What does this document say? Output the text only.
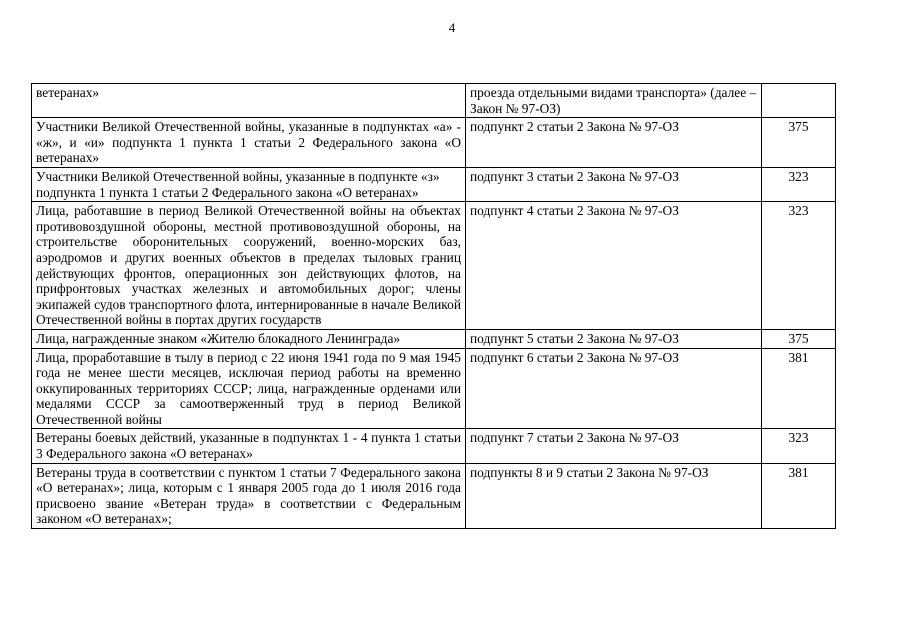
4
ветеранах»	проезда отдельными видами транспорта» (далее – Закон № 97-ОЗ)	
Участники Великой Отечественной войны, указанные в подпунктах «а» - «ж», и «и» подпункта 1 пункта 1 статьи 2 Федерального закона «О ветеранах»	подпункт 2 статьи 2 Закона № 97-ОЗ	375
Участники Великой Отечественной войны, указанные в подпункте «з» подпункта 1 пункта 1 статьи 2 Федерального закона «О ветеранах»	подпункт 3 статьи 2 Закона № 97-ОЗ	323
Лица, работавшие в период Великой Отечественной войны на объектах противовоздушной обороны, местной противовоздушной обороны, на строительстве оборонительных сооружений, военно-морских баз, аэродромов и других военных объектов в пределах тыловых границ действующих фронтов, операционных зон действующих флотов, на прифронтовых участках железных и автомобильных дорог; члены экипажей судов транспортного флота, интернированные в начале Великой Отечественной войны в портах других государств	подпункт 4 статьи 2 Закона № 97-ОЗ	323
Лица, награжденные знаком «Жителю блокадного Ленинграда»	подпункт 5 статьи 2 Закона № 97-ОЗ	375
Лица, проработавшие в тылу в период с 22 июня 1941 года по 9 мая 1945 года не менее шести месяцев, исключая период работы на временно оккупированных территориях СССР; лица, награжденные орденами или медалями СССР за самоотверженный труд в период Великой Отечественной войны	подпункт 6 статьи 2 Закона № 97-ОЗ	381
Ветераны боевых действий, указанные в подпунктах 1 - 4 пункта 1 статьи 3 Федерального закона «О ветеранах»	подпункт 7 статьи 2 Закона № 97-ОЗ	323
Ветераны труда в соответствии с пунктом 1 статьи 7 Федерального закона «О ветеранах»; лица, которым с 1 января 2005 года до 1 июля 2016 года присвоено звание «Ветеран труда» в соответствии с Федеральным законом «О ветеранах»;	подпункты 8 и 9 статьи 2 Закона № 97-ОЗ	381
